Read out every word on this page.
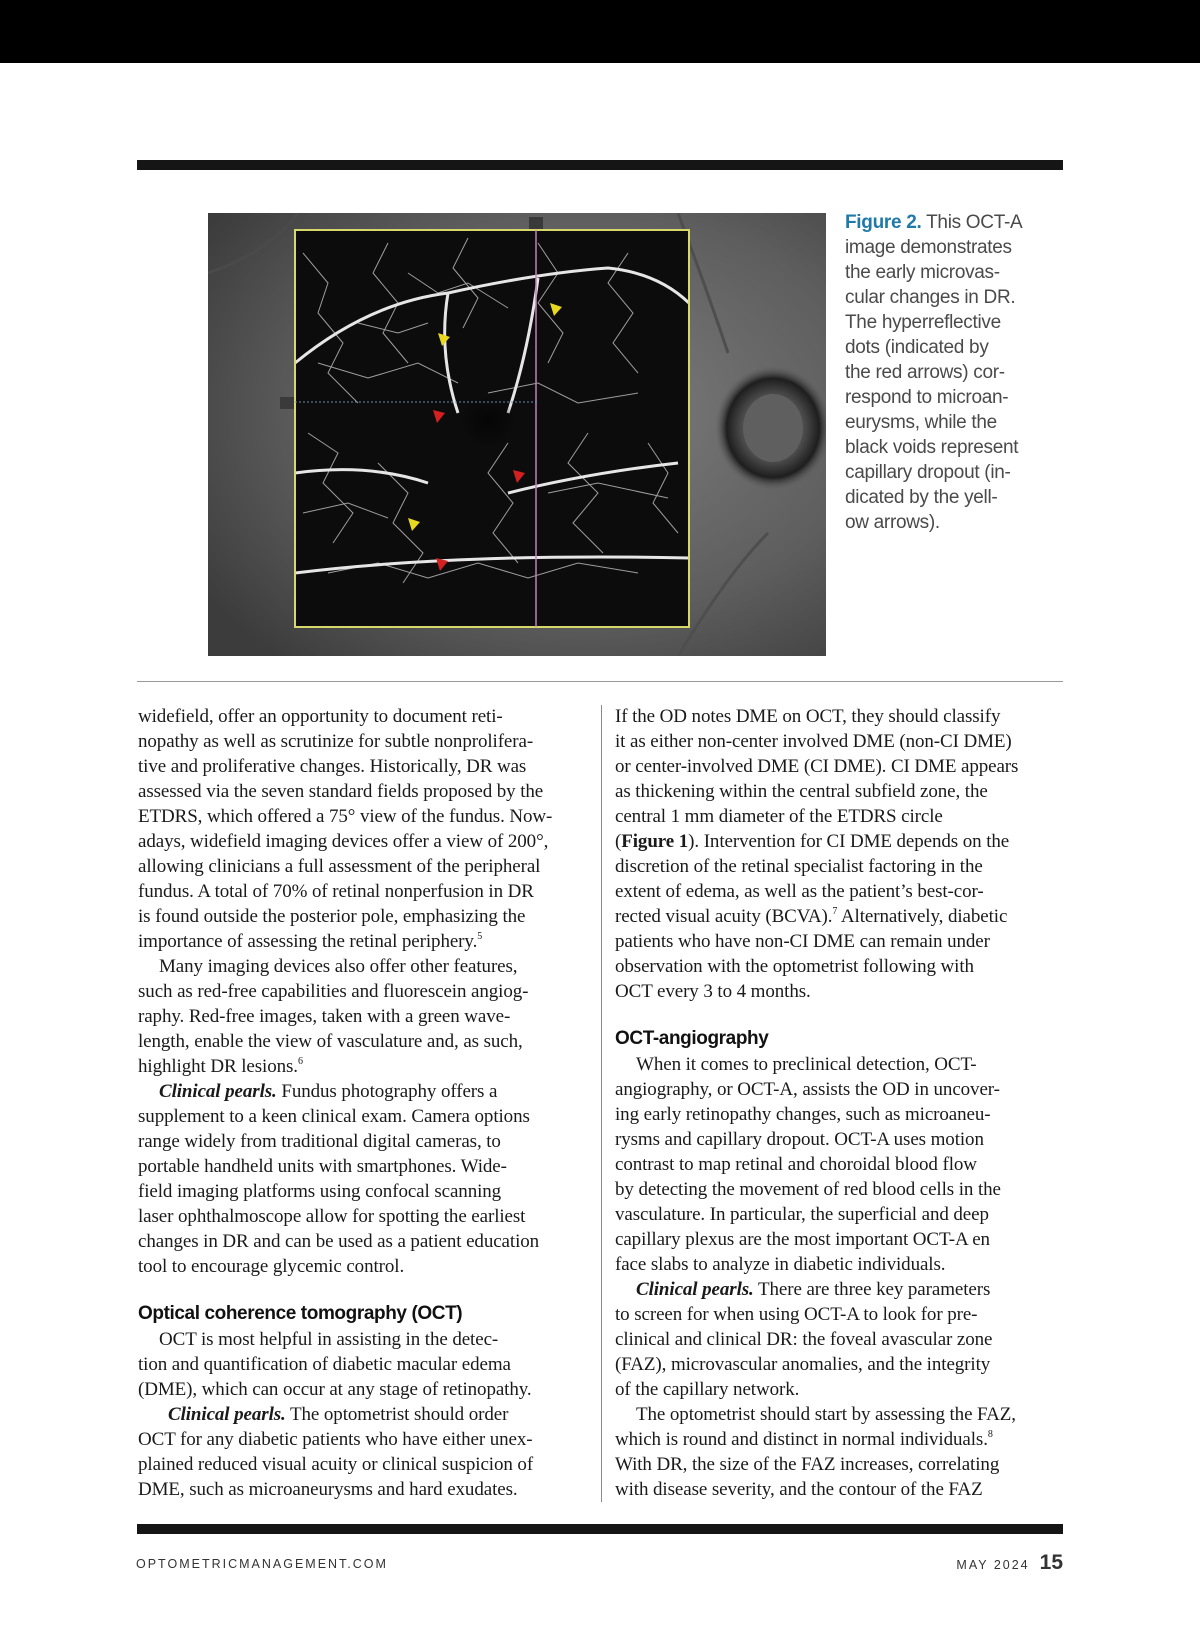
Figure 2. This OCT-A
image demonstrates
the early microvas-
cular changes in DR.
The hyperreflective
dots (indicated by
the red arrows) cor-
respond to microan-
eurysms, while the
black voids represent
capillary dropout (in-
dicated by the yell-
ow arrows).
widefield, offer an opportunity to document reti-
nopathy as well as scrutinize for subtle nonprolifera-
tive and proliferative changes. Historically, DR was
assessed via the seven standard fields proposed by the
ETDRS, which offered a 75° view of the fundus. Now-
adays, widefield imaging devices offer a view of 200°,
allowing clinicians a full assessment of the peripheral
fundus. A total of 70% of retinal nonperfusion in DR
is found outside the posterior pole, emphasizing the
importance of assessing the retinal periphery.$^5$
Many imaging devices also offer other features,
such as red-free capabilities and fluorescein angiog-
raphy. Red-free images, taken with a green wave-
length, enable the view of vasculature and, as such,
highlight DR lesions.$^6$
Clinical pearls. Fundus photography offers a
supplement to a keen clinical exam. Camera options
range widely from traditional digital cameras, to
portable handheld units with smartphones. Wide-
field imaging platforms using confocal scanning
laser ophthalmoscope allow for spotting the earliest
changes in DR and can be used as a patient education
tool to encourage glycemic control.
Optical coherence tomography (OCT)
OCT is most helpful in assisting in the detec-
tion and quantification of diabetic macular edema
(DME), which can occur at any stage of retinopathy.
Clinical pearls. The optometrist should order
OCT for any diabetic patients who have either unex-
plained reduced visual acuity or clinical suspicion of
DME, such as microaneurysms and hard exudates.
If the OD notes DME on OCT, they should classify
it as either non-center involved DME (non-CI DME)
or center-involved DME (CI DME). CI DME appears
as thickening within the central subfield zone, the
central 1 mm diameter of the ETDRS circle
(Figure 1). Intervention for CI DME depends on the
discretion of the retinal specialist factoring in the
extent of edema, as well as the patient’s best-cor-
rected visual acuity (BCVA).$^7$ Alternatively, diabetic
patients who have non-CI DME can remain under
observation with the optometrist following with
OCT every 3 to 4 months.
OCT-angiography
When it comes to preclinical detection, OCT-
angiography, or OCT-A, assists the OD in uncover-
ing early retinopathy changes, such as microaneu-
rysms and capillary dropout. OCT-A uses motion
contrast to map retinal and choroidal blood flow
by detecting the movement of red blood cells in the
vasculature. In particular, the superficial and deep
capillary plexus are the most important OCT-A en
face slabs to analyze in diabetic individuals.
Clinical pearls. There are three key parameters
to screen for when using OCT-A to look for pre-
clinical and clinical DR: the foveal avascular zone
(FAZ), microvascular anomalies, and the integrity
of the capillary network.
The optometrist should start by assessing the FAZ,
which is round and distinct in normal individuals.$^8$
With DR, the size of the FAZ increases, correlating
with disease severity, and the contour of the FAZ
OPTOMETRICMANAGEMENT.COM	MAY 2024 15
